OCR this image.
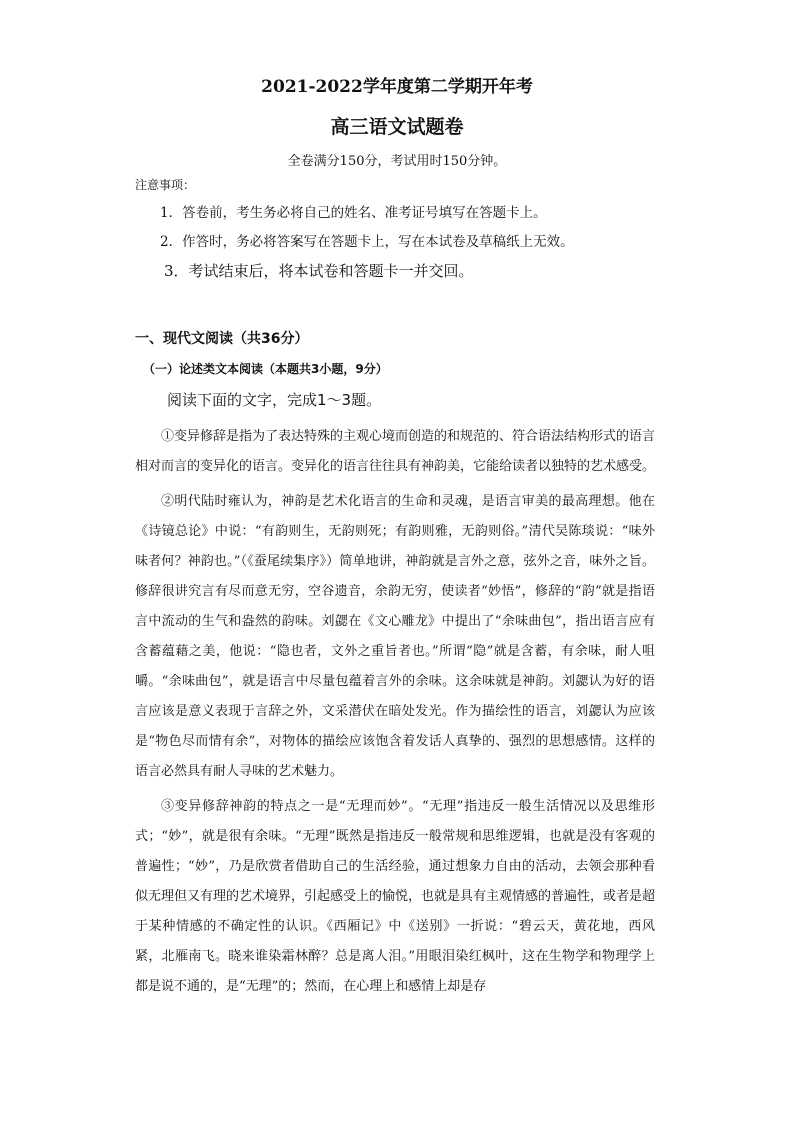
2021-2022学年度第二学期开年考
高三语文试题卷
全卷满分150分，考试用时150分钟。
注意事项：
1．答卷前，考生务必将自己的姓名、准考证号填写在答题卡上。
2．作答时，务必将答案写在答题卡上，写在本试卷及草稿纸上无效。
3．考试结束后，将本试卷和答题卡一并交回。
一、现代文阅读（共36分）
（一）论述类文本阅读（本题共3小题，9分）
阅读下面的文字，完成1～3题。

①变异修辞是指为了表达特殊的主观心境而创造的和规范的、符合语法结构形式的语言相对而言的变异化的语言。变异化的语言往往具有神韵美，它能给读者以独特的艺术感受。

②明代陆时雍认为，神韵是艺术化语言的生命和灵魂，是语言审美的最高理想。他在《诗镜总论》中说：“有韵则生，无韵则死；有韵则雅，无韵则俗。”清代吴陈琰说：“味外味者何？神韵也。”（《蚕尾续集序》）简单地讲，神韵就是言外之意，弦外之音，味外之旨。修辞很讲究言有尽而意无穷，空谷遗音，余韵无穷，使读者“妙悟”，修辞的“韵”就是指语言中流动的生气和盎然的韵味。刘勰在《文心雕龙》中提出了“余味曲包”，指出语言应有含蓄蕴藉之美，他说：“隐也者，文外之重旨者也。”所谓“隐”就是含蓄，有余味，耐人咀嚼。“余味曲包”，就是语言中尽量包蕴着言外的余味。这余味就是神韵。刘勰认为好的语言应该是意义表现于言辞之外，文采潜伏在暗处发光。作为描绘性的语言，刘勰认为应该是“物色尽而情有余”，对物体的描绘应该饱含着发话人真挚的、强烈的思想感情。这样的语言必然具有耐人寻味的艺术魅力。

③变异修辞神韵的特点之一是“无理而妙”。“无理”指违反一般生活情况以及思维形式；“妙”，就是很有余味。“无理”既然是指违反一般常规和思维逻辑，也就是没有客观的普遍性；“妙”，乃是欣赏者借助自己的生活经验，通过想象力自由的活动，去领会那种看似无理但又有理的艺术境界，引起感受上的愉悦，也就是具有主观情感的普遍性，或者是超于某种情感的不确定性的认识。《西厢记》中《送别》一折说：“碧云天，黄花地，西风紧，北雁南飞。晓来谁染霜林醉？总是离人泪。”用眼泪染红枫叶，这在生物学和物理学上都是说不通的，是“无理”的；然而，在心理上和感情上却是存
